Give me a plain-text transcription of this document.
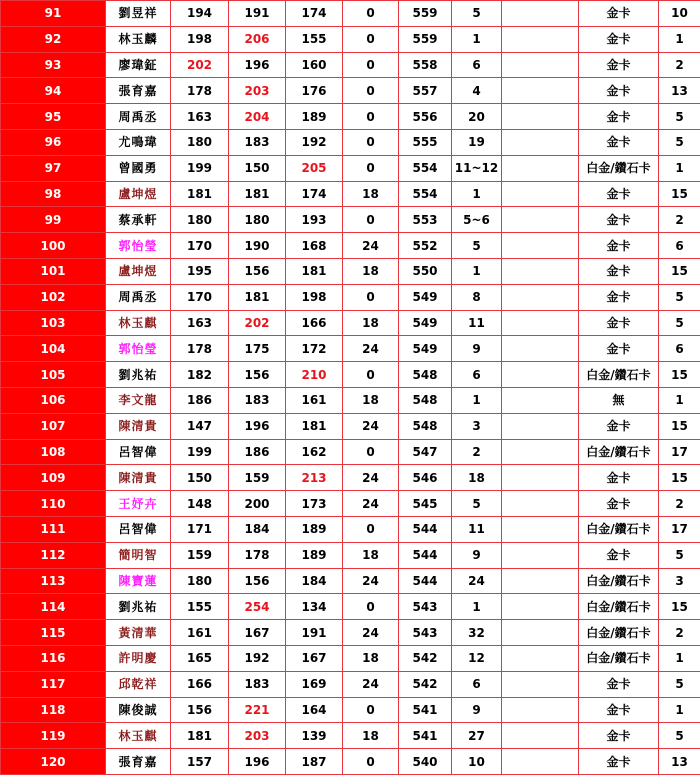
91	劉昱祥	194	191	174	0	559	5		金卡	10
92	林玉麟	198	206	155	0	559	1		金卡	1
93	廖瑋鉦	202	196	160	0	558	6		金卡	2
94	張育嘉	178	203	176	0	557	4		金卡	13
95	周禹丞	163	204	189	0	556	20		金卡	5
96	尤鳴瑋	180	183	192	0	555	19		金卡	5
97	曾國勇	199	150	205	0	554	11~12		白金/鑽石卡	1
98	盧坤煜	181	181	174	18	554	1		金卡	15
99	蔡承軒	180	180	193	0	553	5~6		金卡	2
100	郭怡瑩	170	190	168	24	552	5		金卡	6
101	盧坤煜	195	156	181	18	550	1		金卡	15
102	周禹丞	170	181	198	0	549	8		金卡	5
103	林玉麒	163	202	166	18	549	11		金卡	5
104	郭怡瑩	178	175	172	24	549	9		金卡	6
105	劉兆祐	182	156	210	0	548	6		白金/鑽石卡	15
106	李文龍	186	183	161	18	548	1		無	1
107	陳清貴	147	196	181	24	548	3		金卡	15
108	呂智偉	199	186	162	0	547	2		白金/鑽石卡	17
109	陳清貴	150	159	213	24	546	18		金卡	15
110	王妤卉	148	200	173	24	545	5		金卡	2
111	呂智偉	171	184	189	0	544	11		白金/鑽石卡	17
112	簡明智	159	178	189	18	544	9		金卡	5
113	陳寶蓮	180	156	184	24	544	24		白金/鑽石卡	3
114	劉兆祐	155	254	134	0	543	1		白金/鑽石卡	15
115	黃清華	161	167	191	24	543	32		白金/鑽石卡	2
116	許明慶	165	192	167	18	542	12		白金/鑽石卡	1
117	邱乾祥	166	183	169	24	542	6		金卡	5
118	陳俊誠	156	221	164	0	541	9		金卡	1
119	林玉麒	181	203	139	18	541	27		金卡	5
120	張育嘉	157	196	187	0	540	10		金卡	13
